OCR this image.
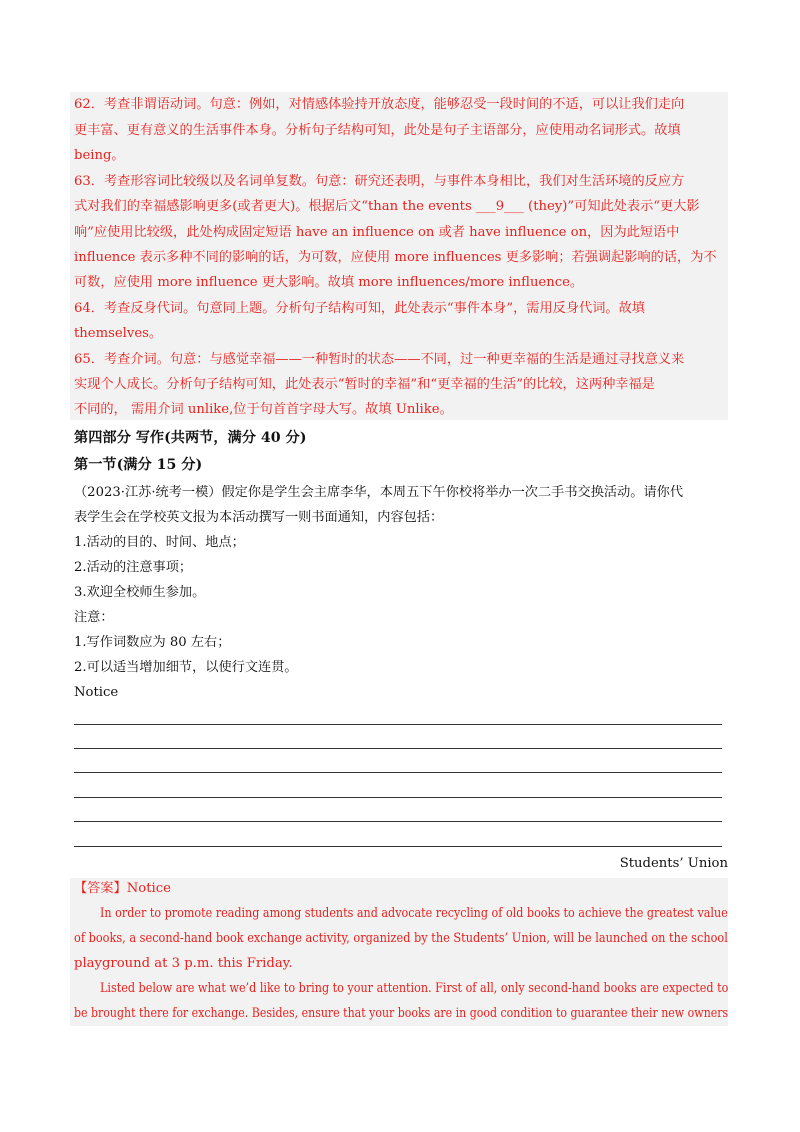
62．考查非谓语动词。句意：例如，对情感体验持开放态度，能够忍受一段时间的不适，可以让我们走向
更丰富、更有意义的生活事件本身。分析句子结构可知，此处是句子主语部分，应使用动名词形式。故填
being。
63．考查形容词比较级以及名词单复数。句意：研究还表明，与事件本身相比，我们对生活环境的反应方
式对我们的幸福感影响更多(或者更大)。根据后文“than the events ___9___ (they)”可知此处表示“更大影
响”应使用比较级，此处构成固定短语 have an influence on 或者 have influence on，因为此短语中
influence 表示多种不同的影响的话，为可数，应使用 more influences 更多影响；若强调起影响的话，为不
可数，应使用 more influence 更大影响。故填 more influences/more influence。
64．考查反身代词。句意同上题。分析句子结构可知，此处表示“事件本身”，需用反身代词。故填
themselves。
65．考查介词。句意：与感觉幸福——一种暂时的状态——不同，过一种更幸福的生活是通过寻找意义来
实现个人成长。分析句子结构可知，此处表示“暂时的幸福”和“更幸福的生活”的比较，这两种幸福是
不同的， 需用介词 unlike,位于句首首字母大写。故填 Unlike。
第四部分 写作(共两节，满分 40 分)
第一节(满分 15 分)
（2023·江苏·统考一模）假定你是学生会主席李华，本周五下午你校将举办一次二手书交换活动。请你代
表学生会在学校英文报为本活动撰写一则书面通知，内容包括：
1.活动的目的、时间、地点；
2.活动的注意事项；
3.欢迎全校师生参加。
注意：
1.写作词数应为 80 左右；
2.可以适当增加细节，以使行文连贯。
Notice
Students’ Union
【答案】Notice
In order to promote reading among students and advocate recycling of old books to achieve the greatest value
of books, a second-hand book exchange activity, organized by the Students’ Union, will be launched on the school
playground at 3 p.m. this Friday.
Listed below are what we’d like to bring to your attention. First of all, only second-hand books are expected to
be brought there for exchange. Besides, ensure that your books are in good condition to guarantee their new owners
